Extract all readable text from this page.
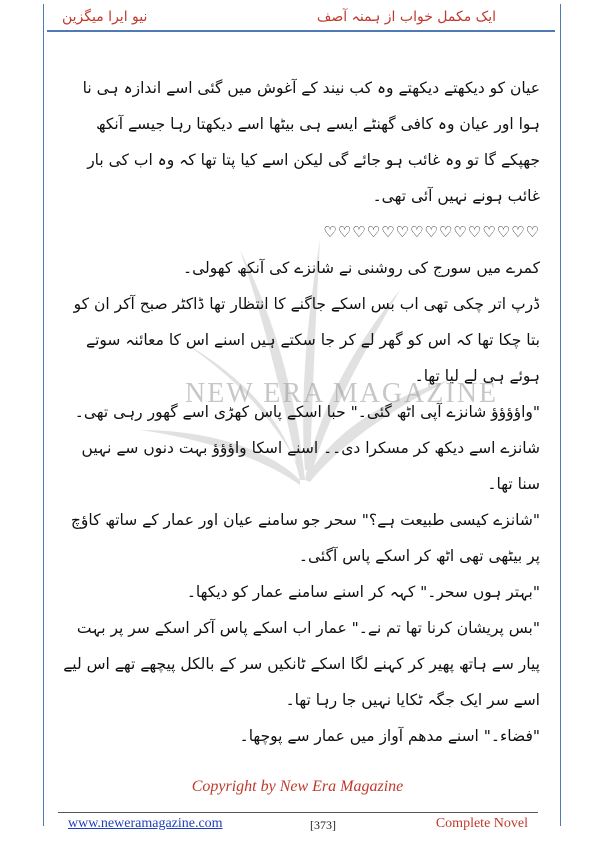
ایک مکمل خواب از ہمنہ آصف
نیو ایرا میگزین
NEW ERA MAGAZINE

عیان کو دیکھتے دیکھتے وہ کب نیند کے آغوش میں گئی اسے اندازہ ہی نا ہوا اور عیان وہ کافی گھنٹے ایسے ہی بیٹھا اسے دیکھتا رہا جیسے آنکھ جھپکے گا تو وہ غائب ہو جائے گی لیکن اسے کیا پتا تھا کہ وہ اب کی بار غائب ہونے نہیں آئی تھی۔

♡♡♡♡♡♡♡♡♡♡♡♡♡♡♡

کمرے میں سورج کی روشنی نے شانزے کی آنکھ کھولی۔

ڈرپ اتر چکی تھی اب بس اسکے جاگنے کا انتظار تھا ڈاکٹر صبح آکر ان کو بتا چکا تھا کہ اس کو گھر لے کر جا سکتے ہیں اسنے اس کا معائنہ سوتے ہوئے ہی لے لیا تھا۔

"واؤؤؤؤ شانزے آپی اٹھ گئی۔" حبا اسکے پاس کھڑی اسے گھور رہی تھی۔

شانزے اسے دیکھ کر مسکرا دی۔۔ اسنے اسکا واؤؤؤ بہت دنوں سے نہیں سنا تھا۔

"شانزے کیسی طبیعت ہے؟" سحر جو سامنے عیان اور عمار کے ساتھ کاؤچ پر بیٹھی تھی اٹھ کر اسکے پاس آگئی۔

"بہتر ہوں سحر۔" کہہ کر اسنے سامنے عمار کو دیکھا۔

"بس پریشان کرنا تھا تم نے۔" عمار اب اسکے پاس آکر اسکے سر پر بہت پیار سے ہاتھ پھیر کر کہنے لگا اسکے ٹانکیں سر کے بالکل پیچھے تھے اس لیے اسے سر ایک جگہ ٹکایا نہیں جا رہا تھا۔

"فضاء۔" اسنے مدھم آواز میں عمار سے پوچھا۔

Copyright by New Era Magazine
www.neweramagazine.com	[373]	Complete Novel
